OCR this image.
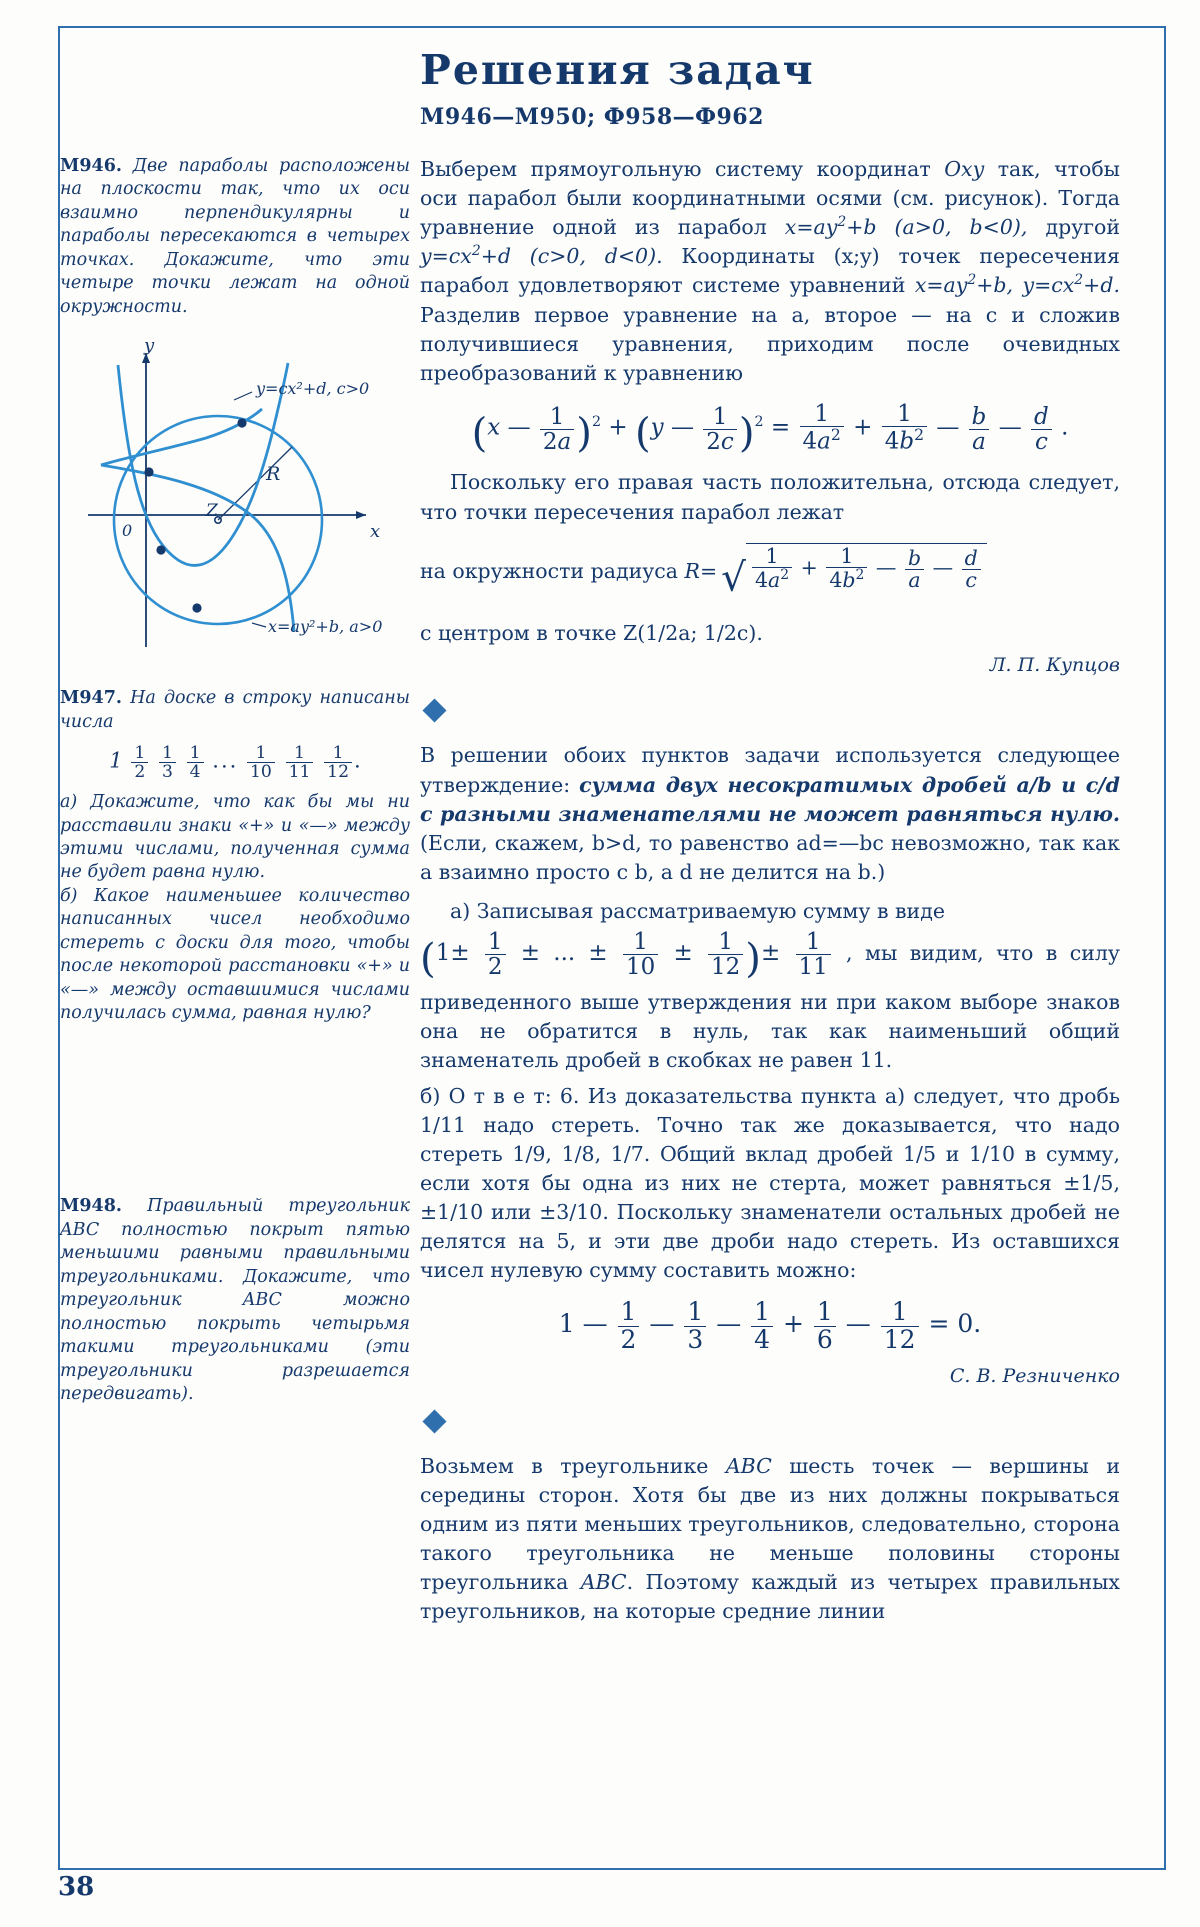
Решения задач
М946—М950; Ф958—Ф962
М946. Две параболы расположены на плоскости так, что их оси взаимно перпендикулярны и параболы пересекаются в четырех точках. Докажите, что эти четыре точки лежат на одной окружности.
y
x
0
y=cx²+d, c>0
x=ay²+b, a>0
R
Z
М947. На доске в строку написаны числа
$1 \frac{1}{2}$
$\frac{1}{3}$
$\frac{1}{4}$ ... $\frac{1}{10}$
$\frac{1}{11}$
$\frac{1}{12}$ .
а) Докажите, что как бы мы ни расставили знаки «+» и «—» между этими числами, полученная сумма не будет равна нулю.
б) Какое наименьшее количество написанных чисел необходимо стереть с доски для того, чтобы после некоторой расстановки «+» и «—» между оставшимися числами получилась сумма, равная нулю?
М948. Правильный треугольник ABC полностью покрыт пятью меньшими равными правильными треугольниками. Докажите, что треугольник ABC можно полностью покрыть четырьмя такими треугольниками (эти треугольники разрешается передвигать).
Выберем прямоугольную систему координат Oxy так, чтобы оси парабол были координатными осями (см. рисунок). Тогда уравнение одной из парабол $x=ay^2+b$ (a>0, b<0), другой $y=cx^2+d$ (c>0, d<0). Координаты (x;y) точек пересечения парабол удовлетворяют системе уравнений $x=ay^2+b$, $y=cx^2+d$. Разделив первое уравнение на a, второе — на c и сложив получившиеся уравнения, приходим после очевидных преобразований к уравнению
(x — $\frac{1}{2a} )^2 + (y$ — $\frac{1}{2c} )^2 = \frac{1}{4a^2} + \frac{1}{4b^2}$ — $\frac{b}{a}$ — $\frac{d}{c}$ .
Поскольку его правая часть положительна, отсюда следует, что точки пересечения парабол лежат
на окружности радиуса R= √ $\frac{1}{4a^2} + \frac{1}{4b^2}$ — $\frac{b}{a}$ — $\frac{d}{c}$
с центром в точке Z(1/2a; 1/2c).
Л. П. Купцов
В решении обоих пунктов задачи используется следующее утверждение: сумма двух несократимых дробей a/b и c/d с разными знаменателями не может равняться нулю. (Если, скажем, b>d, то равенство ad=—bc невозможно, так как a взаимно просто с b, а d не делится на b.)
а) Записывая рассматриваемую сумму в виде
($1\pm \frac{1}{2}$ ± ... ± $\frac{1}{10} \pm \frac{1}{12}$ )± $\frac{1}{11}$ , мы видим, что в силу приведенного выше утверждения ни при каком выборе знаков она не обратится в нуль, так как наименьший общий знаменатель дробей в скобках не равен 11.
б) О т в е т: 6. Из доказательства пункта а) следует, что дробь 1/11 надо стереть. Точно так же доказывается, что надо стереть 1/9, 1/8, 1/7. Общий вклад дробей 1/5 и 1/10 в сумму, если хотя бы одна из них не стерта, может равняться ±1/5, ±1/10 или ±3/10. Поскольку знаменатели остальных дробей не делятся на 5, и эти две дроби надо стереть. Из оставшихся чисел нулевую сумму составить можно:
1 — $\frac{1}{2}$ — $\frac{1}{3}$ — $\frac{1}{4} + \frac{1}{6}$ — $\frac{1}{12} = 0$.
С. В. Резниченко
Возьмем в треугольнике ABC шесть точек — вершины и середины сторон. Хотя бы две из них должны покрываться одним из пяти меньших треугольников, следовательно, сторона такого треугольника не меньше половины стороны треугольника ABC. Поэтому каждый из четырех правильных треугольников, на которые средние линии
38
